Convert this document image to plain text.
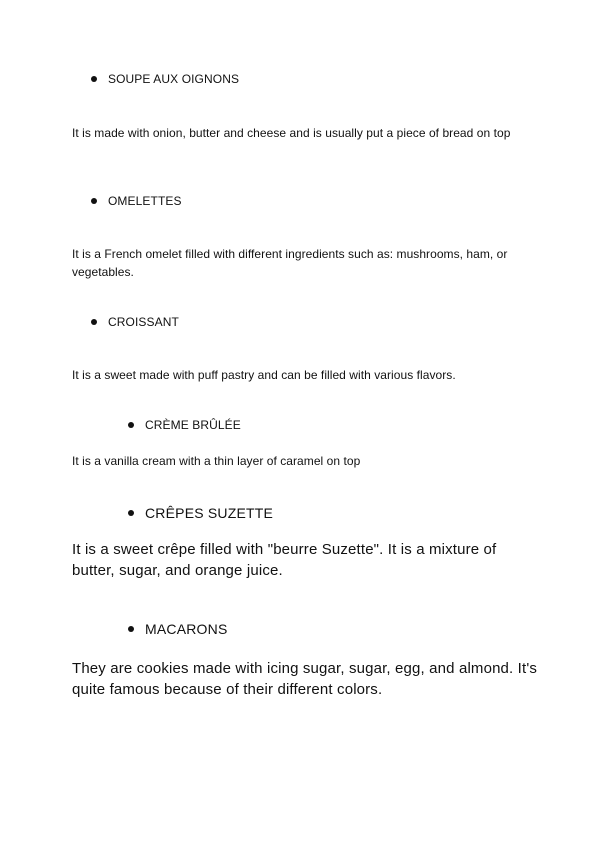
SOUPE AUX OIGNONS
It is made with onion, butter and cheese and is usually put a piece of bread on top
OMELETTES
It is a French omelet filled with different ingredients such as: mushrooms, ham, or vegetables.
CROISSANT
It is a sweet made with puff pastry and can be filled with various flavors.
CRÈME BRÛLÉE
It is a vanilla cream with a thin layer of caramel on top
CRÊPES SUZETTE
It is a sweet crêpe filled with "beurre Suzette". It is a mixture of butter, sugar, and orange juice.
MACARONS
They are cookies made with icing sugar, sugar, egg, and almond. It's quite famous because of their different colors.
